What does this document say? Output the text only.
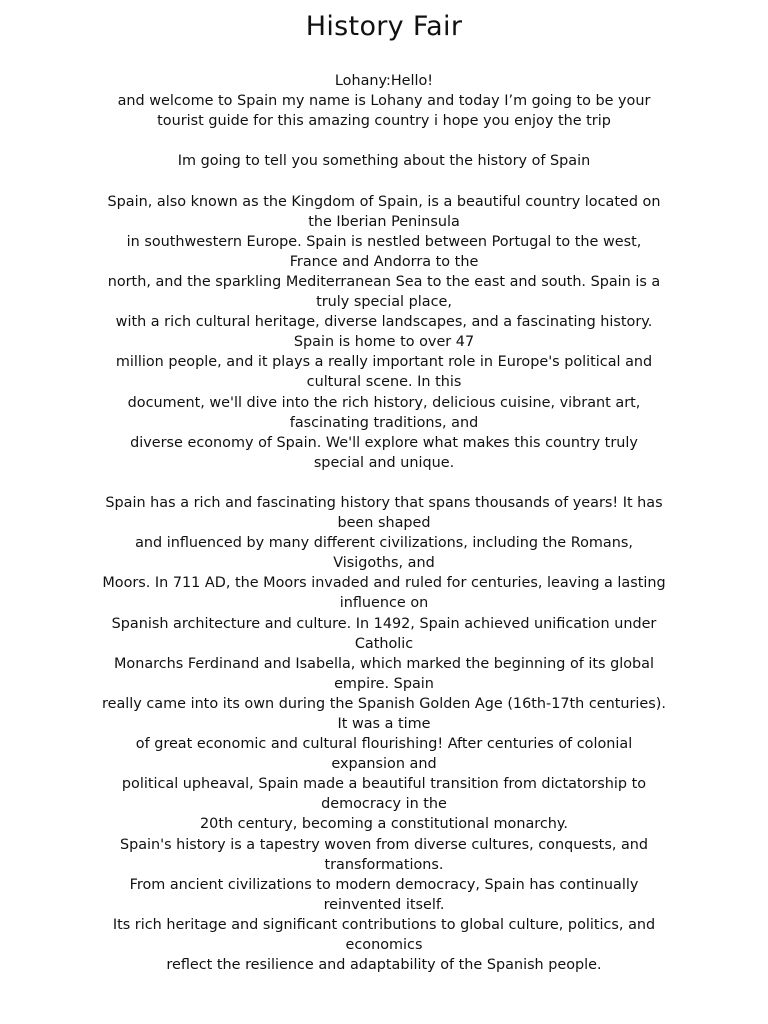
History Fair
Lohany:Hello!
and welcome to Spain my name is Lohany and today I’m going to be your
tourist guide for this amazing country i hope you enjoy the trip
Im going to tell you something about the history of Spain
Spain, also known as the Kingdom of Spain, is a beautiful country located on
the Iberian Peninsula
in southwestern Europe. Spain is nestled between Portugal to the west,
France and Andorra to the
north, and the sparkling Mediterranean Sea to the east and south. Spain is a
truly special place,
with a rich cultural heritage, diverse landscapes, and a fascinating history.
Spain is home to over 47
million people, and it plays a really important role in Europe's political and
cultural scene. In this
document, we'll dive into the rich history, delicious cuisine, vibrant art,
fascinating traditions, and
diverse economy of Spain. We'll explore what makes this country truly
special and unique.
Spain has a rich and fascinating history that spans thousands of years! It has
been shaped
and influenced by many different civilizations, including the Romans,
Visigoths, and
Moors. In 711 AD, the Moors invaded and ruled for centuries, leaving a lasting
influence on
Spanish architecture and culture. In 1492, Spain achieved unification under
Catholic
Monarchs Ferdinand and Isabella, which marked the beginning of its global
empire. Spain
really came into its own during the Spanish Golden Age (16th-17th centuries).
It was a time
of great economic and cultural flourishing! After centuries of colonial
expansion and
political upheaval, Spain made a beautiful transition from dictatorship to
democracy in the
20th century, becoming a constitutional monarchy.
Spain's history is a tapestry woven from diverse cultures, conquests, and
transformations.
From ancient civilizations to modern democracy, Spain has continually
reinvented itself.
Its rich heritage and significant contributions to global culture, politics, and
economics
reflect the resilience and adaptability of the Spanish people.
